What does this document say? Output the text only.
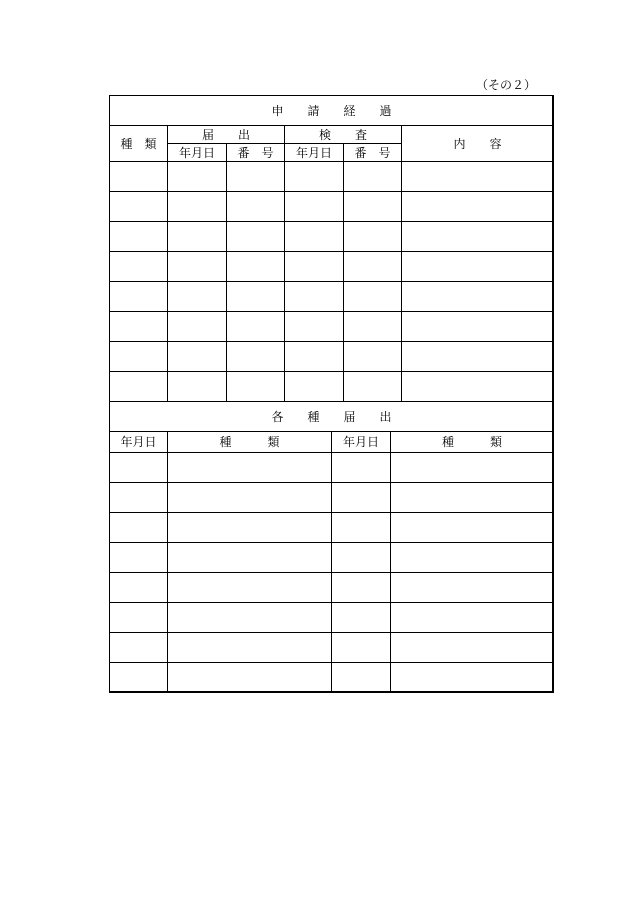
（その２）
申　　請　　経　　過					
種　類	届　　出		検　　査		内　　容
	年月日	番　号	年月日	番　号	

各　　種　　届　　出			
年月日	種　　　類	年月日	種　　　類
